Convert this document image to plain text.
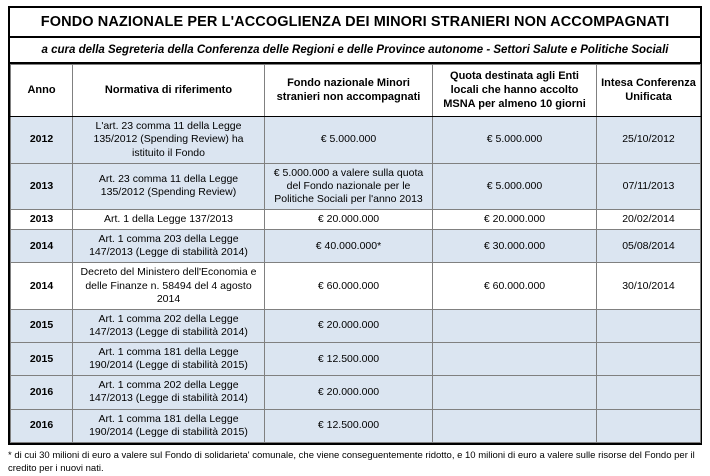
FONDO NAZIONALE PER L'ACCOGLIENZA DEI MINORI STRANIERI NON ACCOMPAGNATI
a cura della Segreteria della Conferenza delle Regioni e delle Province autonome - Settori Salute e Politiche Sociali
Anno	Normativa di riferimento	Fondo nazionale Minori stranieri non accompagnati	Quota destinata agli Enti locali che hanno accolto MSNA per almeno 10 giorni	Intesa Conferenza Unificata
2012	L'art. 23 comma 11 della Legge 135/2012 (Spending Review) ha istituito il Fondo	€ 5.000.000	€ 5.000.000	25/10/2012
2013	Art. 23 comma 11 della Legge 135/2012 (Spending Review)	€ 5.000.000 a valere sulla quota del Fondo nazionale per le Politiche Sociali per l'anno 2013	€ 5.000.000	07/11/2013
2013	Art. 1 della Legge 137/2013	€ 20.000.000	€ 20.000.000	20/02/2014
2014	Art. 1 comma 203 della Legge 147/2013 (Legge di stabilità 2014)	€ 40.000.000*	€ 30.000.000	05/08/2014
2014	Decreto del Ministero dell'Economia e delle Finanze n. 58494 del 4 agosto 2014	€ 60.000.000	€ 60.000.000	30/10/2014
2015	Art. 1 comma 202 della Legge 147/2013 (Legge di stabilità 2014)	€ 20.000.000		
2015	Art. 1 comma 181 della Legge 190/2014 (Legge di stabilità 2015)	€ 12.500.000		
2016	Art. 1 comma 202 della Legge 147/2013 (Legge di stabilità 2014)	€ 20.000.000		
2016	Art. 1 comma 181 della Legge 190/2014 (Legge di stabilità 2015)	€ 12.500.000		
* di cui 30 milioni di euro a valere sul Fondo di solidarieta' comunale, che viene conseguentemente ridotto, e 10 milioni di euro a valere sulle risorse del Fondo per il credito per i nuovi nati.
